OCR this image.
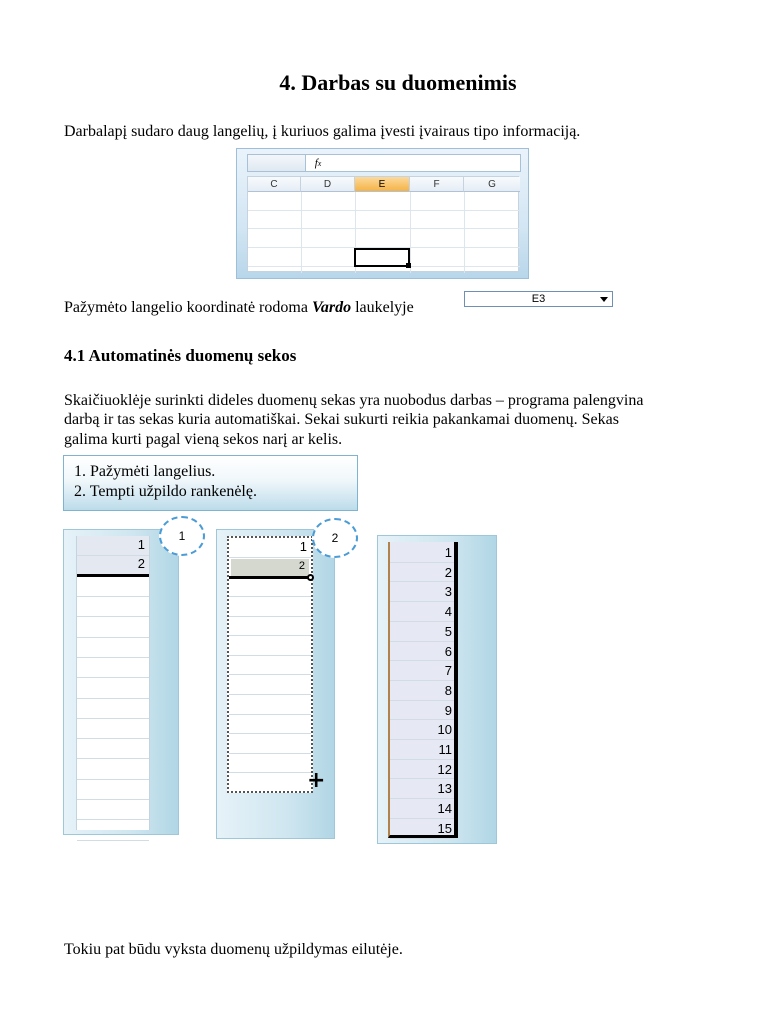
4. Darbas su duomenimis
Darbalapį sudaro daug langelių, į kuriuos galima įvesti įvairaus tipo informaciją.
fx
C	D	E	F	G
Pažymėto langelio koordinatė rodoma Vardo laukelyje	E3
4.1 Automatinės duomenų sekos
Skaičiuoklėje surinkti dideles duomenų sekas yra nuobodus darbas – programa palengvina
darbą ir tas sekas kuria automatiškai. Sekai sukurti reikia pakankamai duomenų. Sekas
galima kurti pagal vieną sekos narį ar kelis.
1. Pažymėti langelius.
2. Tempti užpildo rankenėlę.
1
2
1
1
2
+
2
1
2
3
4
5
6
7
8
9
10
11
12
13
14
15
Tokiu pat būdu vyksta duomenų užpildymas eilutėje.
